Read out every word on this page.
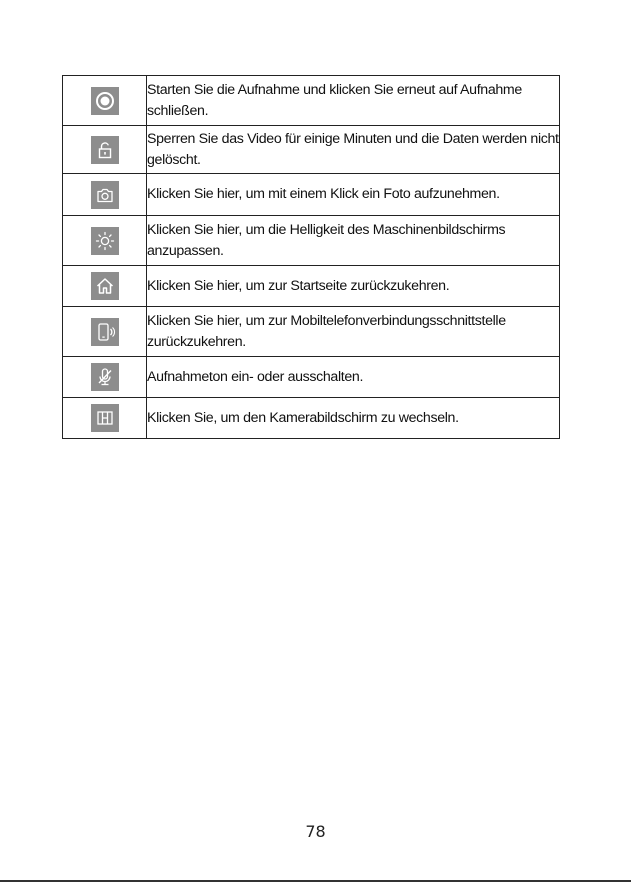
	Starten Sie die Aufnahme und klicken Sie erneut auf Aufnahme schließen.

	Sperren Sie das Video für einige Minuten und die Daten werden nicht gelöscht.

	Klicken Sie hier, um mit einem Klick ein Foto aufzunehmen.

	Klicken Sie hier, um die Helligkeit des Maschinenbildschirms anzupassen.

	Klicken Sie hier, um zur Startseite zurückzukehren.

	Klicken Sie hier, um zur Mobiltelefonverbindungsschnittstelle zurückzukehren.

	Aufnahmeton ein- oder ausschalten.

	Klicken Sie, um den Kamerabildschirm zu wechseln.
78
